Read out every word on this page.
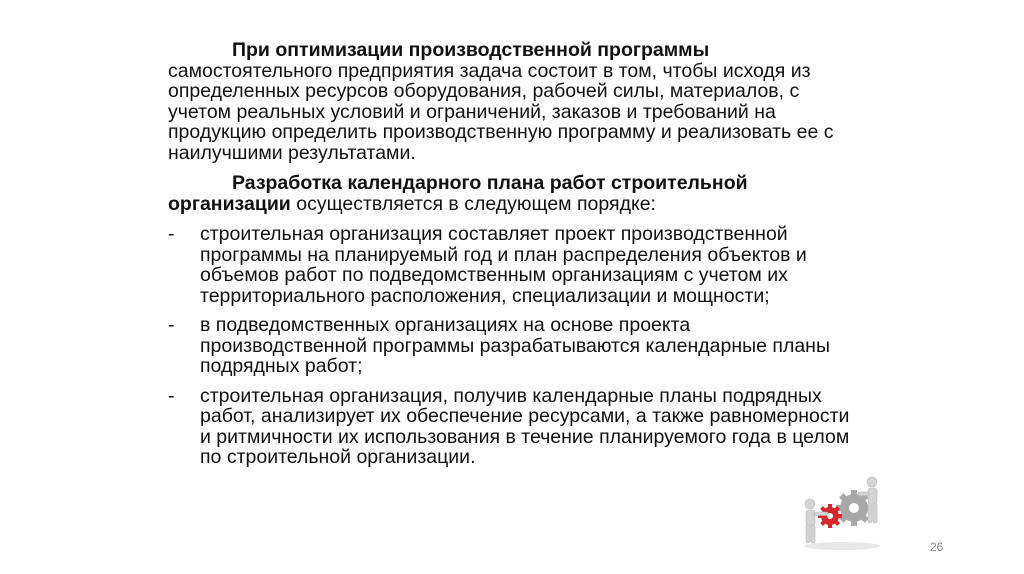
При оптимизации производственной программы
самостоятельного предприятия задача состоит в том, чтобы исходя из определенных ресурсов оборудования, рабочей силы, материалов, с учетом реальных условий и ограничений, заказов и требований на продукцию определить производственную программу и реализовать ее с наилучшими результатами.

Разработка календарного плана работ строительной организации осуществляется в следующем порядке:

- строительная организация составляет проект производственной программы на планируемый год и план распределения объектов и объемов работ по подведомственным организациям с учетом их территориального расположения, специализации и мощности;
- в подведомственных организациях на основе проекта производственной программы разрабатываются календарные планы подрядных работ;
- строительная организация, получив календарные планы подрядных работ, анализирует их обеспечение ресурсами, а также равномерности и ритмичности их использования в течение планируемого года в целом по строительной организации.
26
